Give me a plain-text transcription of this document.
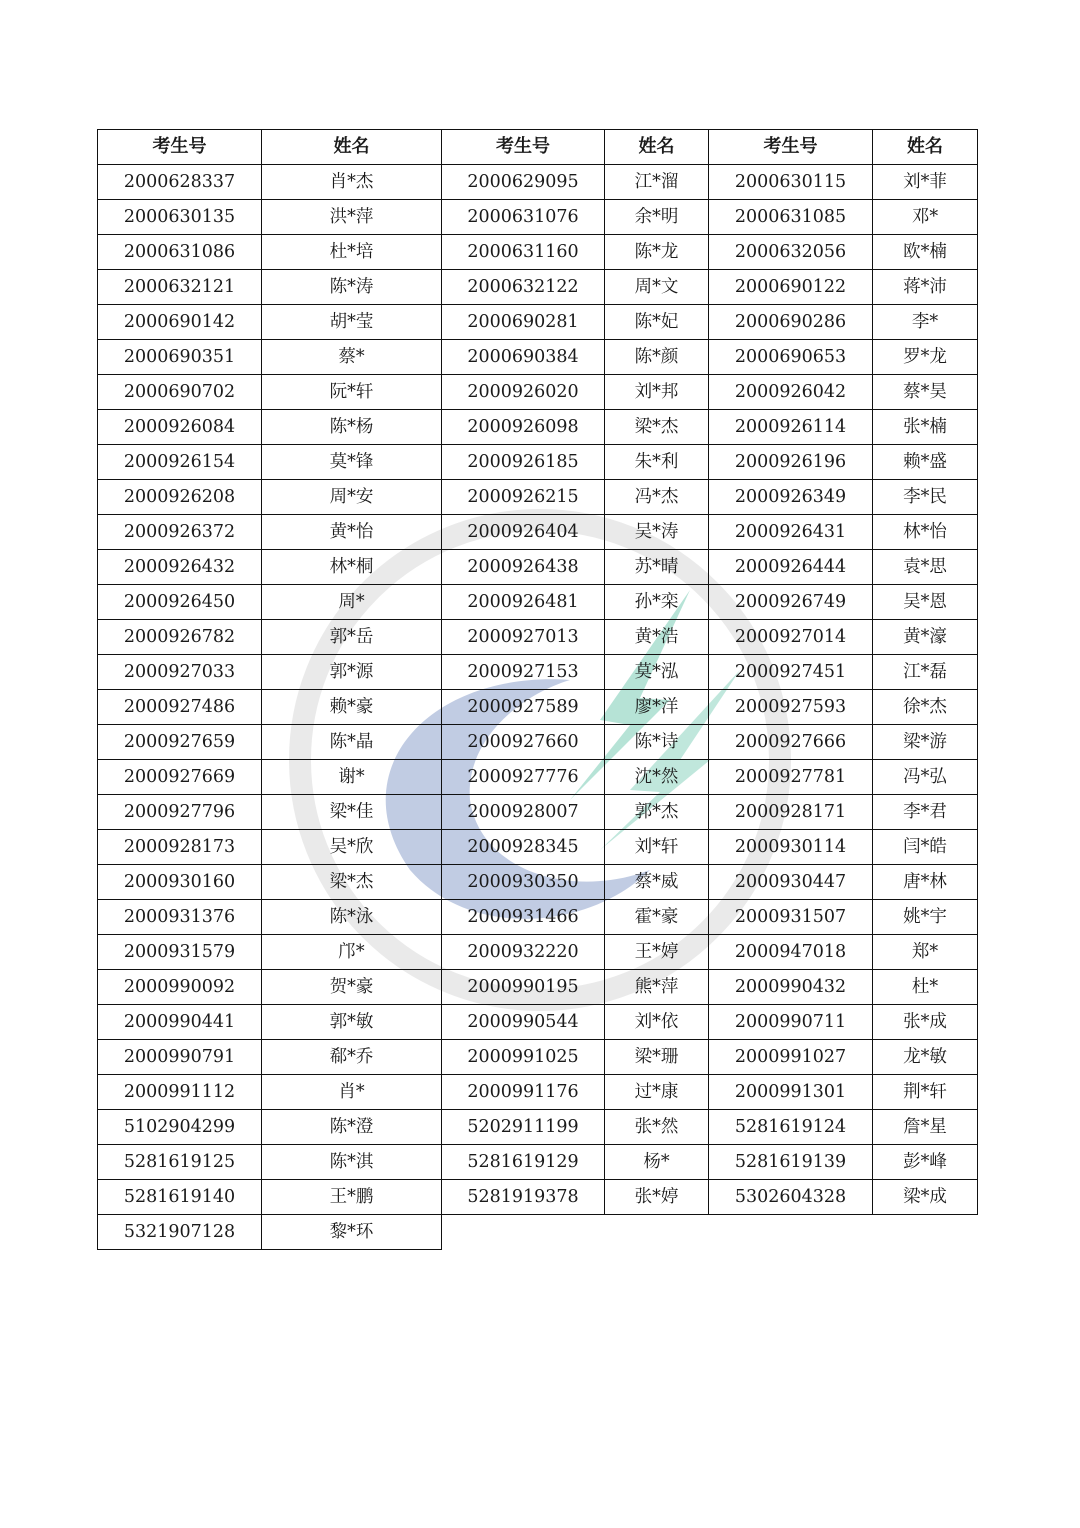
考生号	姓名	考生号	姓名	考生号	姓名
2000628337	肖*杰	2000629095	江*溜	2000630115	刘*菲
2000630135	洪*萍	2000631076	余*明	2000631085	邓*
2000631086	杜*培	2000631160	陈*龙	2000632056	欧*楠
2000632121	陈*涛	2000632122	周*文	2000690122	蒋*沛
2000690142	胡*莹	2000690281	陈*妃	2000690286	李*
2000690351	蔡*	2000690384	陈*颜	2000690653	罗*龙
2000690702	阮*轩	2000926020	刘*邦	2000926042	蔡*昊
2000926084	陈*杨	2000926098	梁*杰	2000926114	张*楠
2000926154	莫*锋	2000926185	朱*利	2000926196	赖*盛
2000926208	周*安	2000926215	冯*杰	2000926349	李*民
2000926372	黄*怡	2000926404	吴*涛	2000926431	林*怡
2000926432	林*桐	2000926438	苏*晴	2000926444	袁*思
2000926450	周*	2000926481	孙*栾	2000926749	吴*恩
2000926782	郭*岳	2000927013	黄*浩	2000927014	黄*濠
2000927033	郭*源	2000927153	莫*泓	2000927451	江*磊
2000927486	赖*豪	2000927589	廖*洋	2000927593	徐*杰
2000927659	陈*晶	2000927660	陈*诗	2000927666	梁*游
2000927669	谢*	2000927776	沈*然	2000927781	冯*弘
2000927796	梁*佳	2000928007	郭*杰	2000928171	李*君
2000928173	吴*欣	2000928345	刘*轩	2000930114	闫*皓
2000930160	梁*杰	2000930350	蔡*威	2000930447	唐*林
2000931376	陈*泳	2000931466	霍*豪	2000931507	姚*宇
2000931579	邝*	2000932220	王*婷	2000947018	郑*
2000990092	贺*豪	2000990195	熊*萍	2000990432	杜*
2000990441	郭*敏	2000990544	刘*依	2000990711	张*成
2000990791	郗*乔	2000991025	梁*珊	2000991027	龙*敏
2000991112	肖*	2000991176	过*康	2000991301	荆*轩
5102904299	陈*澄	5202911199	张*然	5281619124	詹*星
5281619125	陈*淇	5281619129	杨*	5281619139	彭*峰
5281619140	王*鹏	5281919378	张*婷	5302604328	梁*成
5321907128	黎*环				
